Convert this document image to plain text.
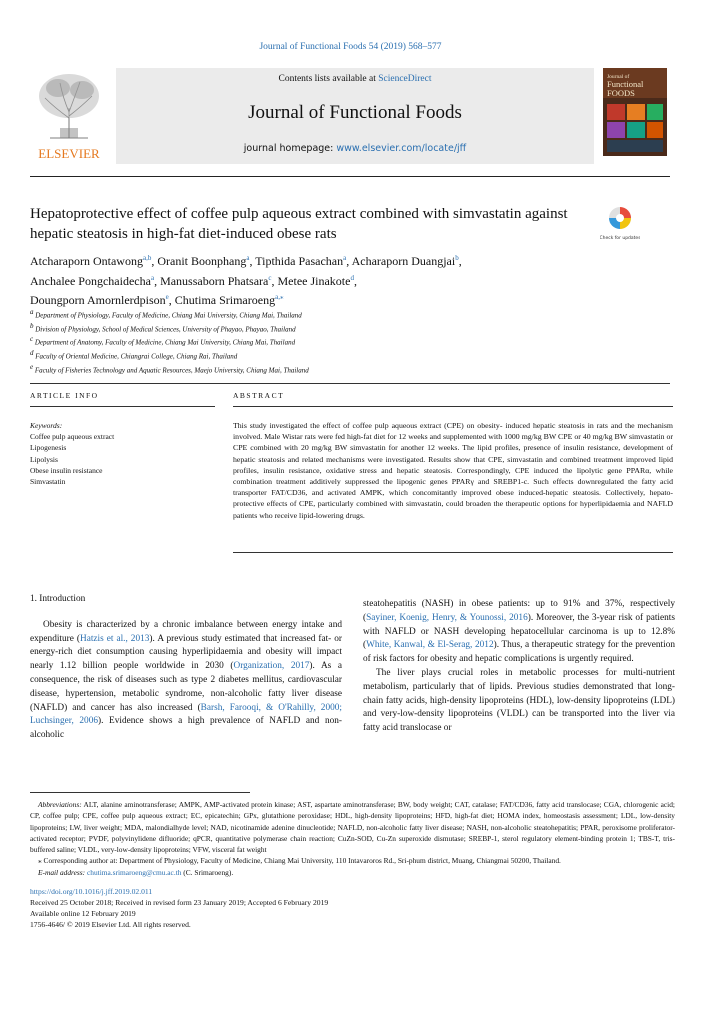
Journal of Functional Foods 54 (2019) 568–577
ELSEVIER
Contents lists available at ScienceDirect
Journal of Functional Foods
journal homepage: www.elsevier.com/locate/jff
Journal of
Functional
FOODS
Hepatoprotective effect of coffee pulp aqueous extract combined with simvastatin against hepatic steatosis in high-fat diet-induced obese rats	Check for updates
Atcharaporn Ontawong$^{a,b}$, Oranit Boonphang$^a$, Tipthida Pasachan$^a$, Acharaporn Duangjai$^b$,
Anchalee Pongchaidecha$^a$, Manussaborn Phatsara$^c$, Metee Jinakote$^d$,
Doungporn Amornlerdpison$^e$, Chutima Srimaroeng$^{a,⁎}$
$^a$ Department of Physiology, Faculty of Medicine, Chiang Mai University, Chiang Mai, Thailand
$^b$ Division of Physiology, School of Medical Sciences, University of Phayao, Phayao, Thailand
$^c$ Department of Anatomy, Faculty of Medicine, Chiang Mai University, Chiang Mai, Thailand
$^d$ Faculty of Oriental Medicine, Chiangrai College, Chiang Rai, Thailand
$^e$ Faculty of Fisheries Technology and Aquatic Resources, Maejo University, Chiang Mai, Thailand
ARTICLE INFO	ABSTRACT
Keywords:
Coffee pulp aqueous extract
Lipogenesis
Lipolysis
Obese insulin resistance
Simvastatin
This study investigated the effect of coffee pulp aqueous extract (CPE) on obesity- induced hepatic steatosis in rats and the mechanism involved. Male Wistar rats were fed high-fat diet for 12 weeks and supplemented with 1000 mg/kg BW CPE or 40 mg/kg BW simvastatin or CPE combined with 20 mg/kg BW simvastatin for another 12 weeks. The lipid profiles, presence of insulin resistance, development of hepatic steatosis and related mechanisms were investigated. Results show that CPE, simvastatin and combined treatment improved lipid profiles, insulin resistance, oxidative stress and hepatic steatosis. Correspondingly, CPE induced the lipolytic gene PPARα, while combination treatment additively suppressed the lipogenic genes PPARγ and SREBP1-c. Such effects downregulated the fatty acid transporter FAT/CD36, and activated AMPK, which concomitantly improved obese induced-hepatic steatosis. Collectively, hepato-protective effects of CPE, particularly combined with simvastatin, could broaden the therapeutic options for hyperlipidaemia and NAFLD patients who receive lipid-lowering drugs.
1. Introduction

Obesity is characterized by a chronic imbalance between energy intake and expenditure (Hatzis et al., 2013). A previous study estimated that increased fat- or energy-rich diet consumption causing hyperlipidaemia and obesity will impact nearly 1.12 billion people worldwide in 2030 (Organization, 2017). As a consequence, the risk of diseases such as type 2 diabetes mellitus, cardiovascular disease, hypertension, metabolic syndrome, non-alcoholic fatty liver disease (NAFLD) and cancer has also increased (Barsh, Farooqi, & O'Rahilly, 2000; Luchsinger, 2006). Evidence shows a high prevalence of NAFLD and non-alcoholic

steatohepatitis (NASH) in obese patients: up to 91% and 37%, respectively (Sayiner, Koenig, Henry, & Younossi, 2016). Moreover, the 3-year risk of patients with NAFLD or NASH developing hepatocellular carcinoma is up to 12.8% (White, Kanwal, & El-Serag, 2012). Thus, a therapeutic strategy for the prevention of risk factors for obesity and hepatic complications is urgently required.

The liver plays crucial roles in metabolic processes for multi-nutrient metabolism, particularly that of lipids. Previous studies demonstrated that long-chain fatty acids, high-density lipoproteins (HDL), low-density lipoproteins (LDL) and very-low-density lipoproteins (VLDL) can be transported into the liver via fatty acid translocase or

Abbreviations: ALT, alanine aminotransferase; AMPK, AMP-activated protein kinase; AST, aspartate aminotransferase; BW, body weight; CAT, catalase; FAT/CD36, fatty acid translocase; CGA, chlorogenic acid; CP, coffee pulp; CPE, coffee pulp aqueous extract; EC, epicatechin; GPx, glutathione peroxidase; HDL, high-density lipoproteins; HFD, high-fat diet; HOMA index, homeostasis assessment; LDL, low-density lipoproteins; LW, liver weight; MDA, malondialhyde level; NAD, nicotinamide adenine dinucleotide; NAFLD, non-alcoholic fatty liver disease; NASH, non-alcoholic steatohepatitis; PPAR, peroxisome proliferator-activated receptor; PVDF, polyvinylidene difluoride; qPCR, quantitative polymerase chain reaction; CuZn-SOD, Cu-Zn superoxide dismutase; SREBP-1, sterol regulatory element-binding protein 1; TBS-T, tris-buffered saline; VLDL, very-low-density lipoproteins; VFW, visceral fat weight

⁎ Corresponding author at: Department of Physiology, Faculty of Medicine, Chiang Mai University, 110 Intavaroros Rd., Sri-phum district, Muang, Chiangmai 50200, Thailand.

E-mail address: chutima.srimaroeng@cmu.ac.th (C. Srimaroeng).

https://doi.org/10.1016/j.jff.2019.02.011
Received 25 October 2018; Received in revised form 23 January 2019; Accepted 6 February 2019
Available online 12 February 2019
1756-4646/ © 2019 Elsevier Ltd. All rights reserved.
